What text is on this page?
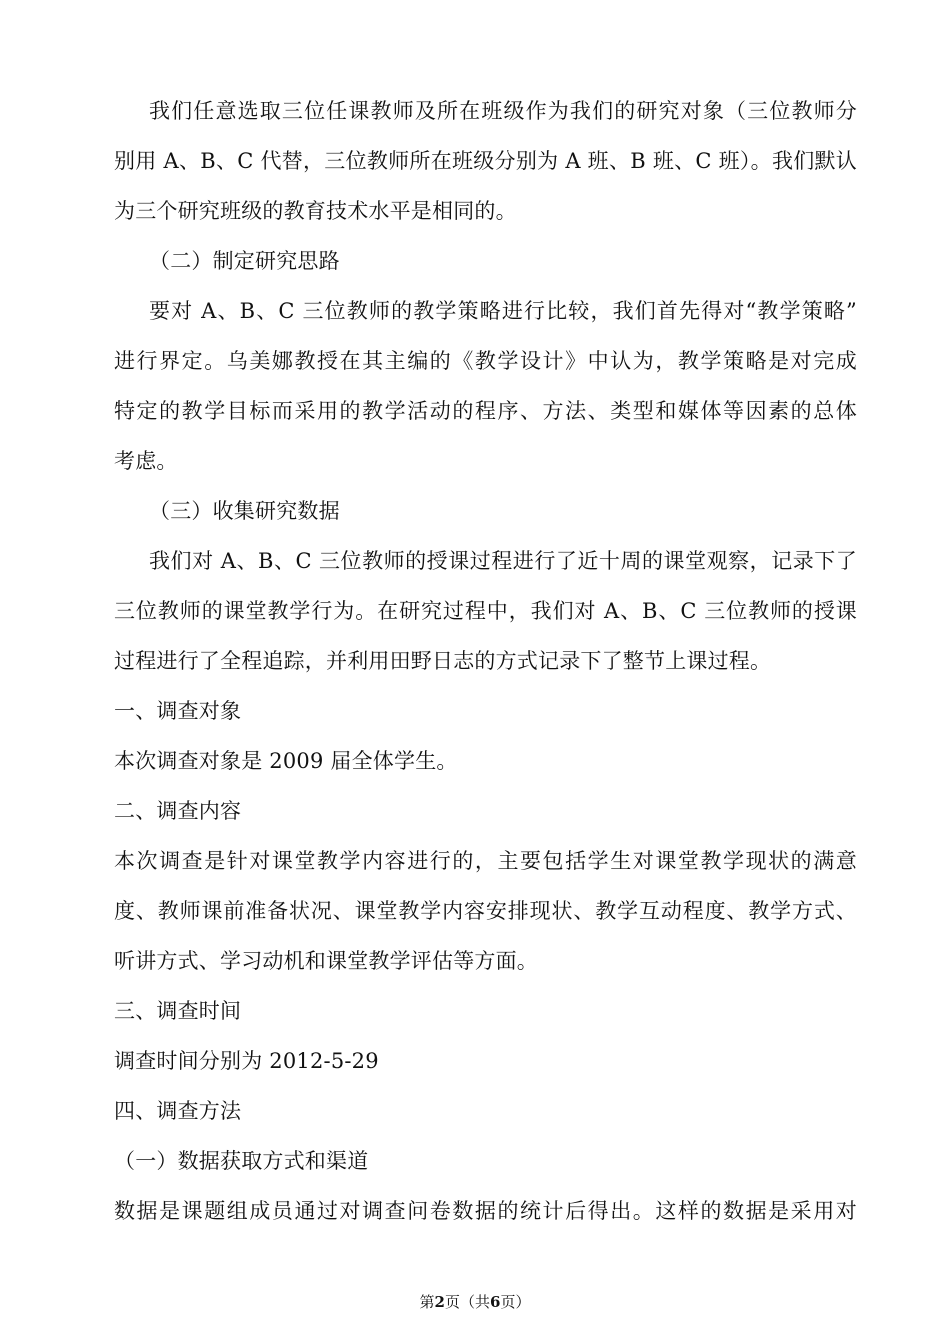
我们任意选取三位任课教师及所在班级作为我们的研究对象（三位教师分
别用 A、B、C 代替，三位教师所在班级分别为 A 班、B 班、C 班）。我们默认
为三个研究班级的教育技术水平是相同的。
（二）制定研究思路
要对 A、B、C 三位教师的教学策略进行比较，我们首先得对“教学策略”
进行界定。乌美娜教授在其主编的《教学设计》中认为，教学策略是对完成
特定的教学目标而采用的教学活动的程序、方法、类型和媒体等因素的总体
考虑。
（三）收集研究数据
我们对 A、B、C 三位教师的授课过程进行了近十周的课堂观察，记录下了
三位教师的课堂教学行为。在研究过程中，我们对 A、B、C 三位教师的授课
过程进行了全程追踪，并利用田野日志的方式记录下了整节上课过程。
一、调查对象
本次调查对象是 2009 届全体学生。
二、调查内容
本次调查是针对课堂教学内容进行的，主要包括学生对课堂教学现状的满意
度、教师课前准备状况、课堂教学内容安排现状、教学互动程度、教学方式、
听讲方式、学习动机和课堂教学评估等方面。
三、调查时间
调查时间分别为 2012-5-29
四、调查方法
（一）数据获取方式和渠道
数据是课题组成员通过对调查问卷数据的统计后得出。这样的数据是采用对
第2页（共6页）
